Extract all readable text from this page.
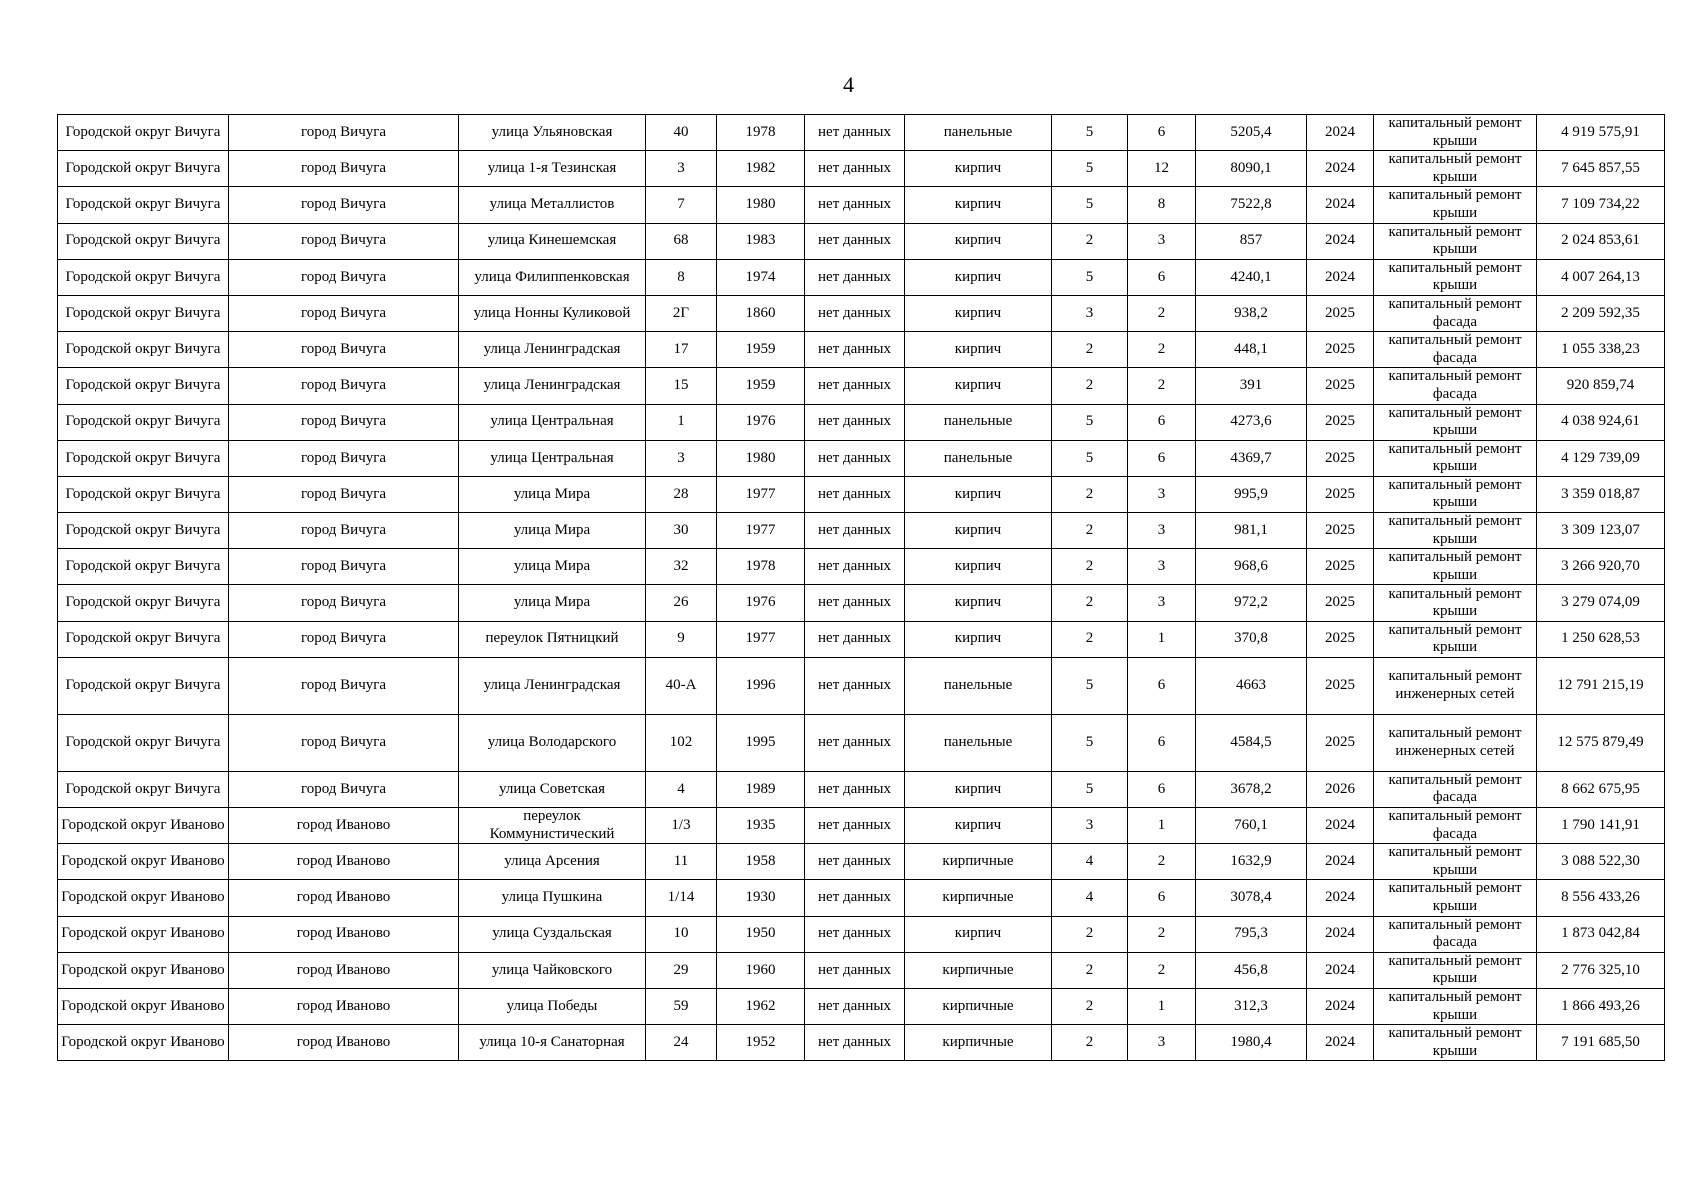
4
Городской округ Вичуга	город Вичуга	улица Ульяновская	40	1978	нет данных	панельные	5	6	5205,4	2024	капитальный ремонт крыши	4 919 575,91
Городской округ Вичуга	город Вичуга	улица 1-я Тезинская	3	1982	нет данных	кирпич	5	12	8090,1	2024	капитальный ремонт крыши	7 645 857,55
Городской округ Вичуга	город Вичуга	улица Металлистов	7	1980	нет данных	кирпич	5	8	7522,8	2024	капитальный ремонт крыши	7 109 734,22
Городской округ Вичуга	город Вичуга	улица Кинешемская	68	1983	нет данных	кирпич	2	3	857	2024	капитальный ремонт крыши	2 024 853,61
Городской округ Вичуга	город Вичуга	улица Филиппенковская	8	1974	нет данных	кирпич	5	6	4240,1	2024	капитальный ремонт крыши	4 007 264,13
Городской округ Вичуга	город Вичуга	улица Нонны Куликовой	2Г	1860	нет данных	кирпич	3	2	938,2	2025	капитальный ремонт фасада	2 209 592,35
Городской округ Вичуга	город Вичуга	улица Ленинградская	17	1959	нет данных	кирпич	2	2	448,1	2025	капитальный ремонт фасада	1 055 338,23
Городской округ Вичуга	город Вичуга	улица Ленинградская	15	1959	нет данных	кирпич	2	2	391	2025	капитальный ремонт фасада	920 859,74
Городской округ Вичуга	город Вичуга	улица Центральная	1	1976	нет данных	панельные	5	6	4273,6	2025	капитальный ремонт крыши	4 038 924,61
Городской округ Вичуга	город Вичуга	улица Центральная	3	1980	нет данных	панельные	5	6	4369,7	2025	капитальный ремонт крыши	4 129 739,09
Городской округ Вичуга	город Вичуга	улица Мира	28	1977	нет данных	кирпич	2	3	995,9	2025	капитальный ремонт крыши	3 359 018,87
Городской округ Вичуга	город Вичуга	улица Мира	30	1977	нет данных	кирпич	2	3	981,1	2025	капитальный ремонт крыши	3 309 123,07
Городской округ Вичуга	город Вичуга	улица Мира	32	1978	нет данных	кирпич	2	3	968,6	2025	капитальный ремонт крыши	3 266 920,70
Городской округ Вичуга	город Вичуга	улица Мира	26	1976	нет данных	кирпич	2	3	972,2	2025	капитальный ремонт крыши	3 279 074,09
Городской округ Вичуга	город Вичуга	переулок Пятницкий	9	1977	нет данных	кирпич	2	1	370,8	2025	капитальный ремонт крыши	1 250 628,53
Городской округ Вичуга	город Вичуга	улица Ленинградская	40-А	1996	нет данных	панельные	5	6	4663	2025	капитальный ремонт инженерных сетей	12 791 215,19
Городской округ Вичуга	город Вичуга	улица Володарского	102	1995	нет данных	панельные	5	6	4584,5	2025	капитальный ремонт инженерных сетей	12 575 879,49
Городской округ Вичуга	город Вичуга	улица Советская	4	1989	нет данных	кирпич	5	6	3678,2	2026	капитальный ремонт фасада	8 662 675,95
Городской округ Иваново	город Иваново	переулок Коммунистический	1/3	1935	нет данных	кирпич	3	1	760,1	2024	капитальный ремонт фасада	1 790 141,91
Городской округ Иваново	город Иваново	улица Арсения	11	1958	нет данных	кирпичные	4	2	1632,9	2024	капитальный ремонт крыши	3 088 522,30
Городской округ Иваново	город Иваново	улица Пушкина	1/14	1930	нет данных	кирпичные	4	6	3078,4	2024	капитальный ремонт крыши	8 556 433,26
Городской округ Иваново	город Иваново	улица Суздальская	10	1950	нет данных	кирпич	2	2	795,3	2024	капитальный ремонт фасада	1 873 042,84
Городской округ Иваново	город Иваново	улица Чайковского	29	1960	нет данных	кирпичные	2	2	456,8	2024	капитальный ремонт крыши	2 776 325,10
Городской округ Иваново	город Иваново	улица Победы	59	1962	нет данных	кирпичные	2	1	312,3	2024	капитальный ремонт крыши	1 866 493,26
Городской округ Иваново	город Иваново	улица 10-я Санаторная	24	1952	нет данных	кирпичные	2	3	1980,4	2024	капитальный ремонт крыши	7 191 685,50
